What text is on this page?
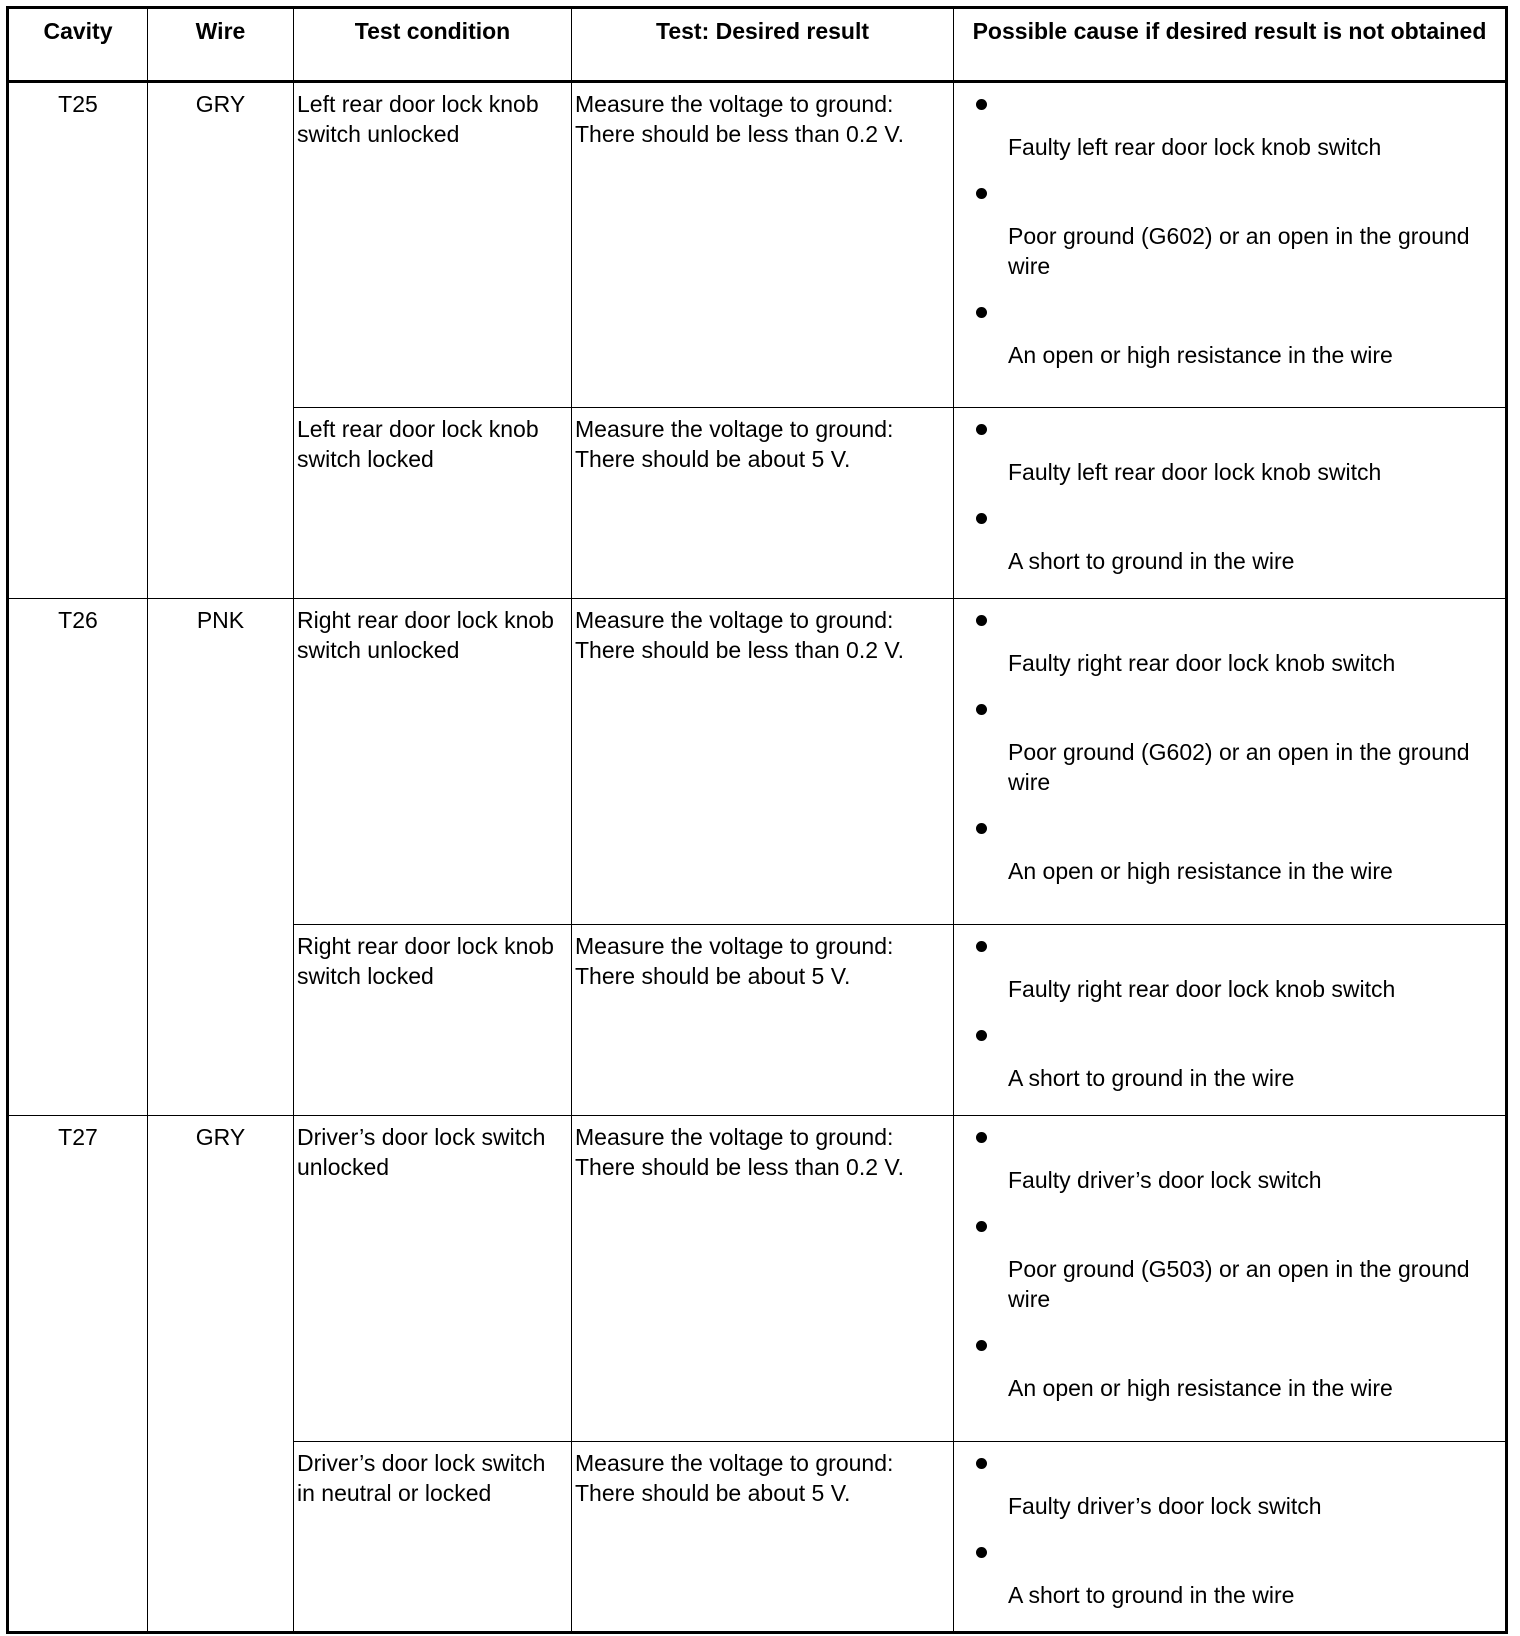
Cavity	Wire	Test condition	Test: Desired result	Possible cause if desired result is not obtained
T25	GRY	Left rear door lock knob switch unlocked	Measure the voltage to ground: There should be less than 0.2 V.	Faulty left rear door lock knob switch
Poor ground (G602) or an open in the ground wire
An open or high resistance in the wire

		Left rear door lock knob switch locked	Measure the voltage to ground: There should be about 5 V.	Faulty left rear door lock knob switch
A short to ground in the wire

T26	PNK	Right rear door lock knob switch unlocked	Measure the voltage to ground: There should be less than 0.2 V.	Faulty right rear door lock knob switch
Poor ground (G602) or an open in the ground wire
An open or high resistance in the wire

		Right rear door lock knob switch locked	Measure the voltage to ground: There should be about 5 V.	Faulty right rear door lock knob switch
A short to ground in the wire

T27	GRY	Driver’s door lock switch unlocked	Measure the voltage to ground: There should be less than 0.2 V.	Faulty driver’s door lock switch
Poor ground (G503) or an open in the ground wire
An open or high resistance in the wire

		Driver’s door lock switch in neutral or locked	Measure the voltage to ground: There should be about 5 V.	Faulty driver’s door lock switch
A short to ground in the wire
